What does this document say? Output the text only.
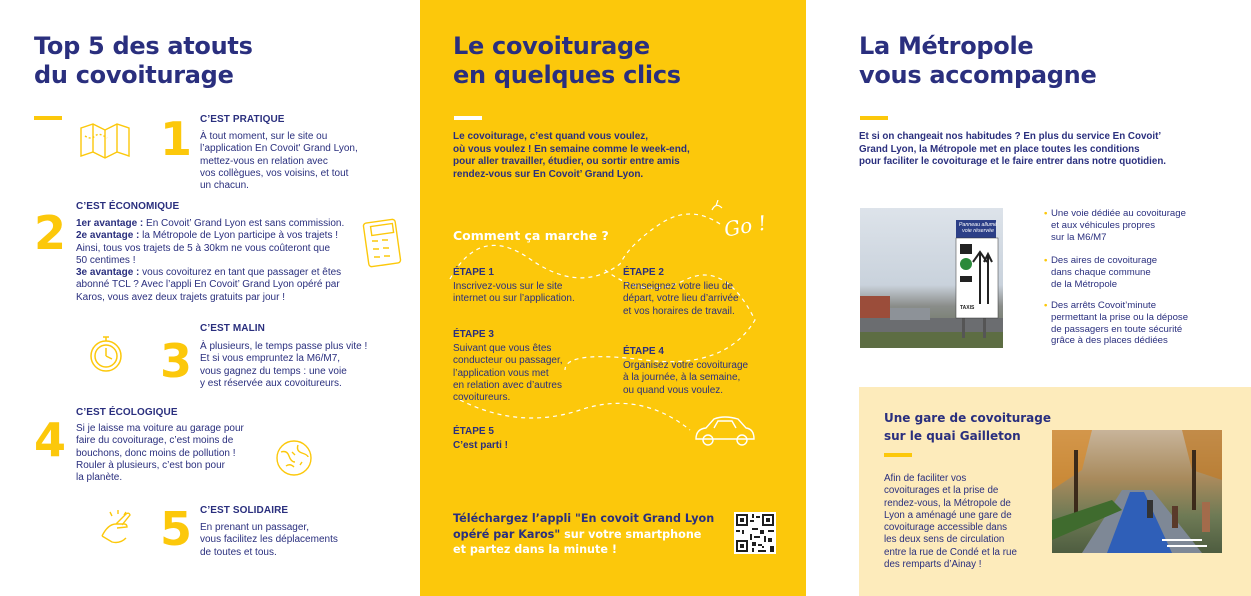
Top 5 des atouts
du covoiturage
1 C’EST PRATIQUE
À tout moment, sur le site ou
l’application En Covoit' Grand Lyon,
mettez-vous en relation avec
vos collègues, vos voisins, et tout
un chacun.
C’EST ÉCONOMIQUE
2 1er avantage : En Covoit’ Grand Lyon est sans commission.
2e avantage : la Métropole de Lyon participe à vos trajets !
Ainsi, tous vos trajets de 5 à 30km ne vous coûteront que
50 centimes !
3e avantage : vous covoiturez en tant que passager et êtes
abonné TCL ? Avec l’appli En Covoit’ Grand Lyon opéré par
Karos, vous avez deux trajets gratuits par jour !
C’EST MALIN
3 À plusieurs, le temps passe plus vite !
Et si vous empruntez la M6/M7,
vous gagnez du temps : une voie
y est réservée aux covoitureurs.
C’EST ÉCOLOGIQUE
4 Si je laisse ma voiture au garage pour
faire du covoiturage, c’est moins de
bouchons, donc moins de pollution !
Rouler à plusieurs, c’est bon pour
la planète.
C’EST SOLIDAIRE
5 En prenant un passager,
vous facilitez les déplacements
de toutes et tous.
Le covoiturage
en quelques clics
Le covoiturage, c’est quand vous voulez,
où vous voulez ! En semaine comme le week-end,
pour aller travailler, étudier, ou sortir entre amis
rendez-vous sur En Covoit’ Grand Lyon.
Comment ça marche ?	Go !
ÉTAPE 1
Inscrivez-vous sur le site
internet ou sur l’application.
ÉTAPE 2
Renseignez votre lieu de
départ, votre lieu d’arrivée
et vos horaires de travail.
ÉTAPE 3
Suivant que vous êtes
conducteur ou passager,
l’application vous met
en relation avec d’autres
covoitureurs.
ÉTAPE 4
Organisez votre covoiturage
à la journée, à la semaine,
ou quand vous voulez.
ÉTAPE 5
C’est parti !
Téléchargez l’appli "En covoit Grand Lyon
opéré par Karos" sur votre smartphone
et partez dans la minute !
La Métropole
vous accompagne
Et si on changeait nos habitudes ? En plus du service En Covoit’
Grand Lyon, la Métropole met en place toutes les conditions
pour faciliter le covoiturage et le faire entrer dans notre quotidien.
Panneau allumé
voie réservée
TAXIS
• Une voie dédiée au covoiturage
et aux véhicules propres
sur la M6/M7
• Des aires de covoiturage
dans chaque commune
de la Métropole
• Des arrêts Covoit’minute
permettant la prise ou la dépose
de passagers en toute sécurité
grâce à des places dédiées
Une gare de covoiturage
sur le quai Gailleton
Afin de faciliter vos
covoiturages et la prise de
rendez-vous, la Métropole de
Lyon a aménagé une gare de
covoiturage accessible dans
les deux sens de circulation
entre la rue de Condé et la rue
des remparts d’Ainay !
